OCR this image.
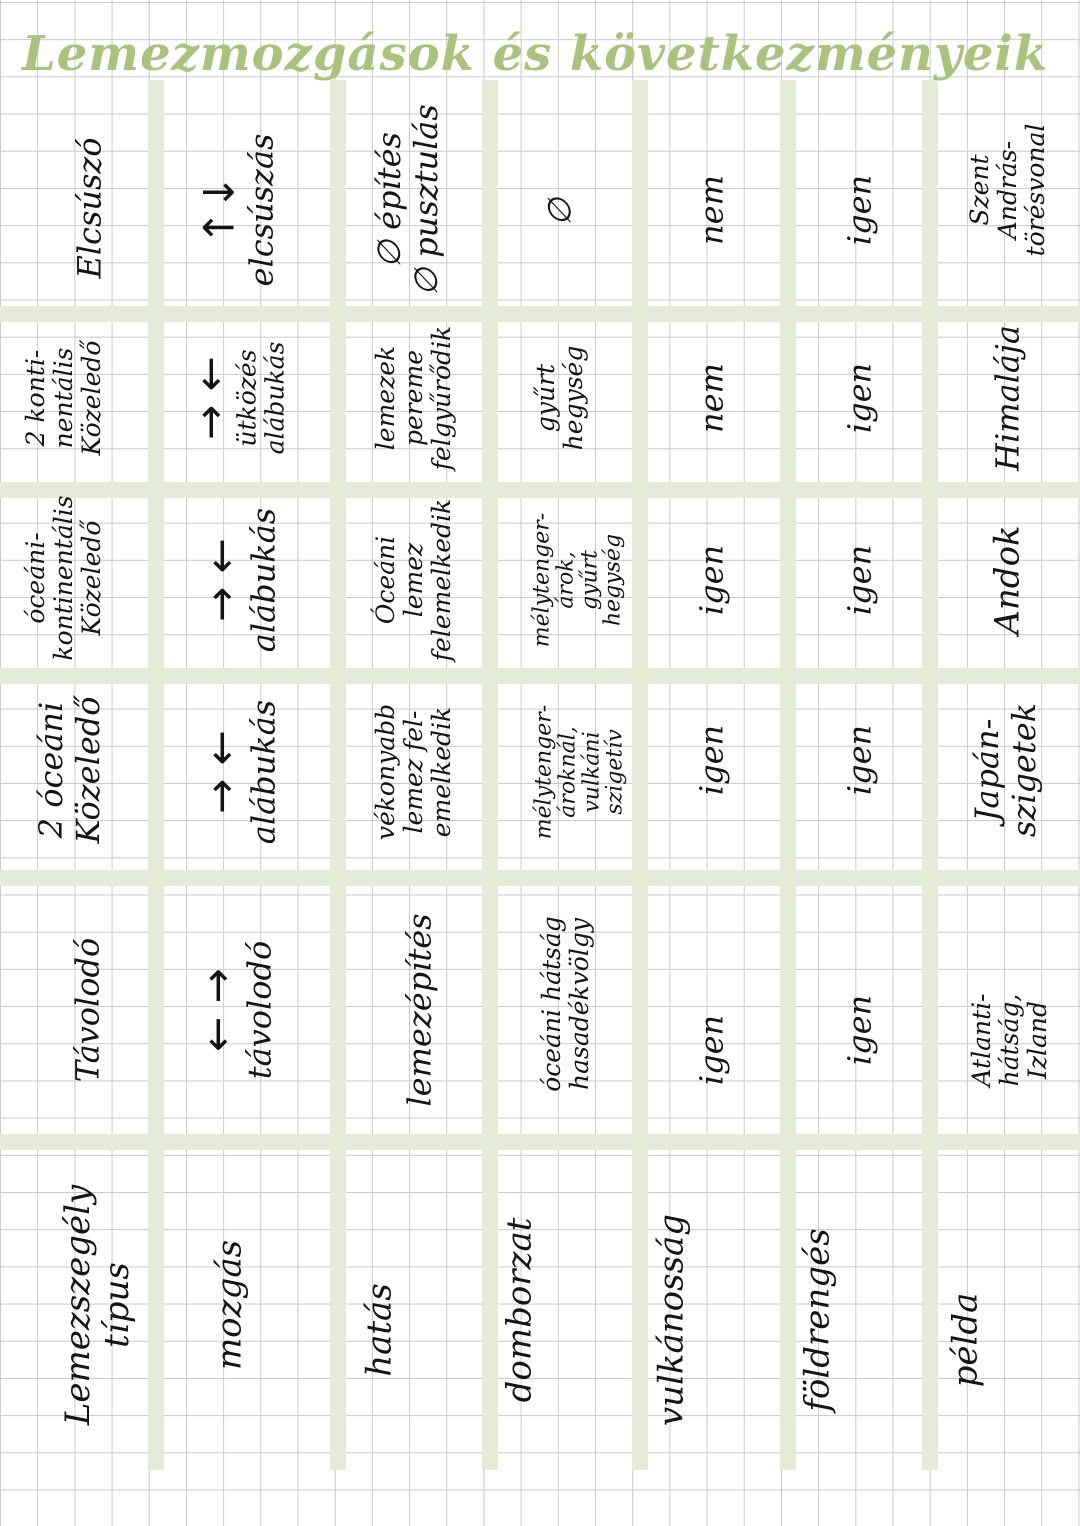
Lemezmozgások és következményeik
Lemezszegély típus
Távolodó
2 óceáni
Közeledő
óceáni- kontinentális Közeledő
2 konti- nentális Közeledő
Elcsúszó
mozgás
← → távolodó
→ ← alábukás
→ ← alábukás
→ ←
ütközés alábukás
↑↓ elcsúszás
hatás
lemezépítés
vékonyabb lemez fel- emelkedik
Óceáni lemez felemelkedik
lemezek pereme felgyűrődik
∅ építés
∅ pusztulás
domborzat
óceáni hátság hasadékvölgy
mélytenger-
ároknál,
vulkáni
szigetív
mélytenger-
árok,
gyűrt
hegység
gyűrt hegység
∅
vulkánosság
igen
igen
igen
nem
nem
földrengés
igen
igen
igen
igen
igen
példa
Atlanti- hátság, Izland
Japán-
szigetek
Andok
Himalája
Szent András- törésvonal
